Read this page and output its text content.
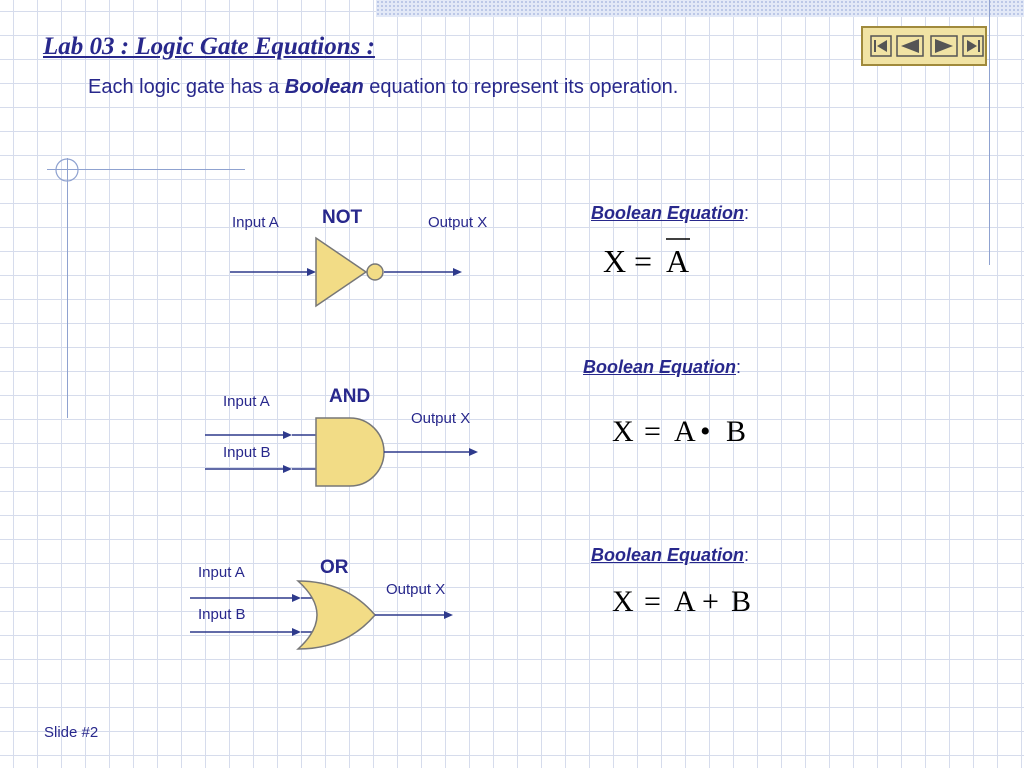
Lab 03 : Logic Gate Equations :
Each logic gate has a Boolean equation to represent its operation.
Input A NOT	Output X
Input A
Input B
AND
Output X
Input A
Input B
OR
Output X
X = A
X = A • B
X = A + B
Boolean Equation:
Boolean Equation:
Boolean Equation:
Slide #2
